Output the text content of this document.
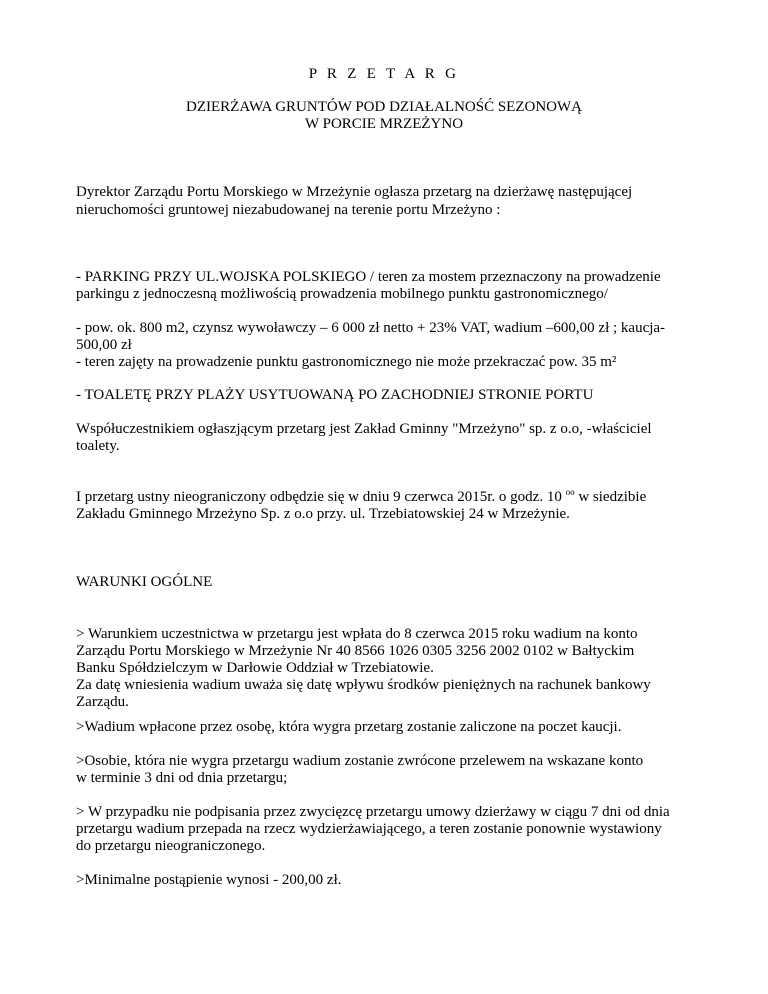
P R Z E T A R G
DZIERŻAWA GRUNTÓW POD DZIAŁALNOŚĆ SEZONOWĄ
W PORCIE MRZEŻYNO
Dyrektor Zarządu Portu Morskiego w Mrzeżynie ogłasza przetarg na dzierżawę następującej
nieruchomości gruntowej niezabudowanej na terenie portu Mrzeżyno :
- PARKING PRZY UL.WOJSKA POLSKIEGO / teren za mostem przeznaczony na prowadzenie
parkingu z jednoczesną możliwością prowadzenia mobilnego punktu gastronomicznego/
- pow. ok. 800 m2, czynsz wywoławczy – 6 000 zł netto + 23% VAT, wadium –600,00 zł ; kaucja-
500,00 zł
- teren zajęty na prowadzenie punktu gastronomicznego nie może przekraczać pow. 35 m²
- TOALETĘ PRZY PLAŻY USYTUOWANĄ PO ZACHODNIEJ STRONIE PORTU
Współuczestnikiem ogłaszjącym przetarg jest Zakład Gminny "Mrzeżyno" sp. z o.o, -właściciel
toalety.
I przetarg ustny nieograniczony odbędzie się w dniu 9 czerwca 2015r. o godz. 10 $^{oo}$ w siedzibie
Zakładu Gminnego Mrzeżyno Sp. z o.o przy. ul. Trzebiatowskiej 24 w Mrzeżynie.
WARUNKI OGÓLNE
> Warunkiem uczestnictwa w przetargu jest wpłata do 8 czerwca 2015 roku wadium na konto
Zarządu Portu Morskiego w Mrzeżynie Nr 40 8566 1026 0305 3256 2002 0102 w Bałtyckim
Banku Spółdzielczym w Darłowie Oddział w Trzebiatowie.
Za datę wniesienia wadium uważa się datę wpływu środków pieniężnych na rachunek bankowy
Zarządu.
>Wadium wpłacone przez osobę, która wygra przetarg zostanie zaliczone na poczet kaucji.
>Osobie, która nie wygra przetargu wadium zostanie zwrócone przelewem na wskazane konto
w terminie 3 dni od dnia przetargu;
> W przypadku nie podpisania przez zwycięzcę przetargu umowy dzierżawy w ciągu 7 dni od dnia
przetargu wadium przepada na rzecz wydzierżawiającego, a teren zostanie ponownie wystawiony
do przetargu nieograniczonego.
>Minimalne postąpienie wynosi - 200,00 zł.
